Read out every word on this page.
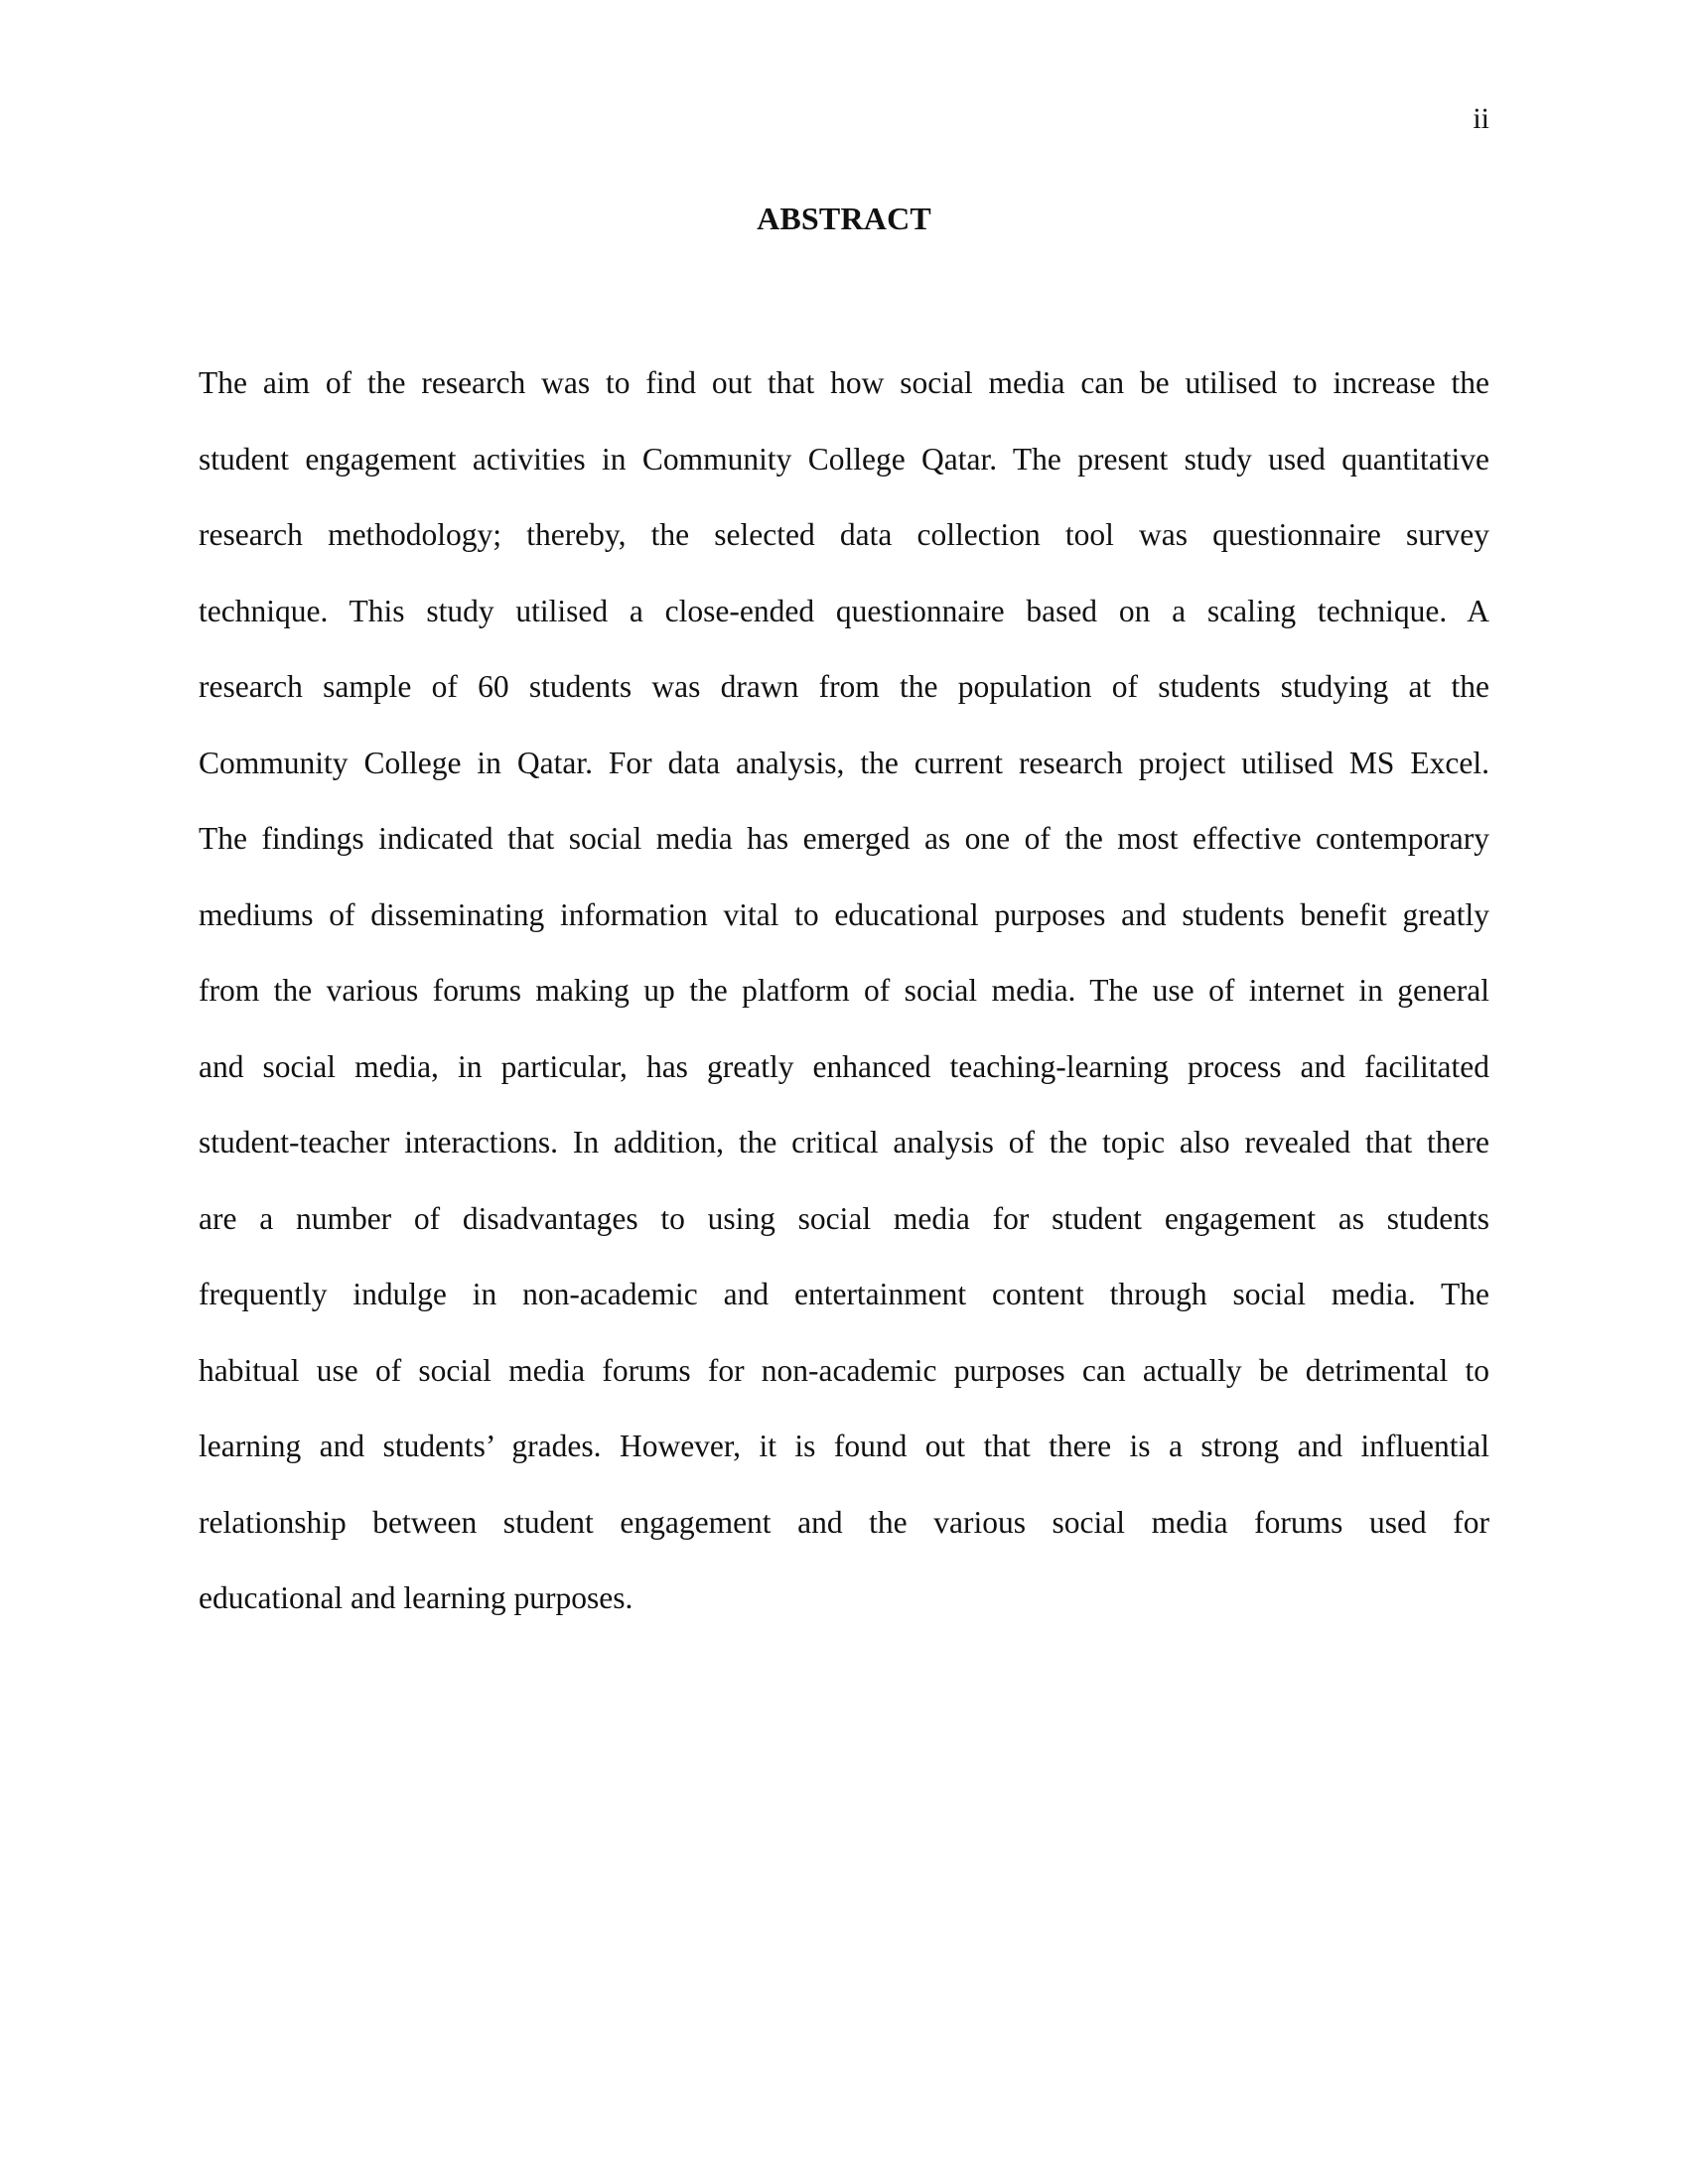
ii
ABSTRACT
The aim of the research was to find out that how social media can be utilised to increase the
student engagement activities in Community College Qatar. The present study used quantitative
research methodology; thereby, the selected data collection tool was questionnaire survey
technique. This study utilised a close-ended questionnaire based on a scaling technique. A
research sample of 60 students was drawn from the population of students studying at the
Community College in Qatar. For data analysis, the current research project utilised MS Excel.
The findings indicated that social media has emerged as one of the most effective contemporary
mediums of disseminating information vital to educational purposes and students benefit greatly
from the various forums making up the platform of social media. The use of internet in general
and social media, in particular, has greatly enhanced teaching-learning process and facilitated
student-teacher interactions. In addition, the critical analysis of the topic also revealed that there
are a number of disadvantages to using social media for student engagement as students
frequently indulge in non-academic and entertainment content through social media. The
habitual use of social media forums for non-academic purposes can actually be detrimental to
learning and students’ grades. However, it is found out that there is a strong and influential
relationship between student engagement and the various social media forums used for
educational and learning purposes.
